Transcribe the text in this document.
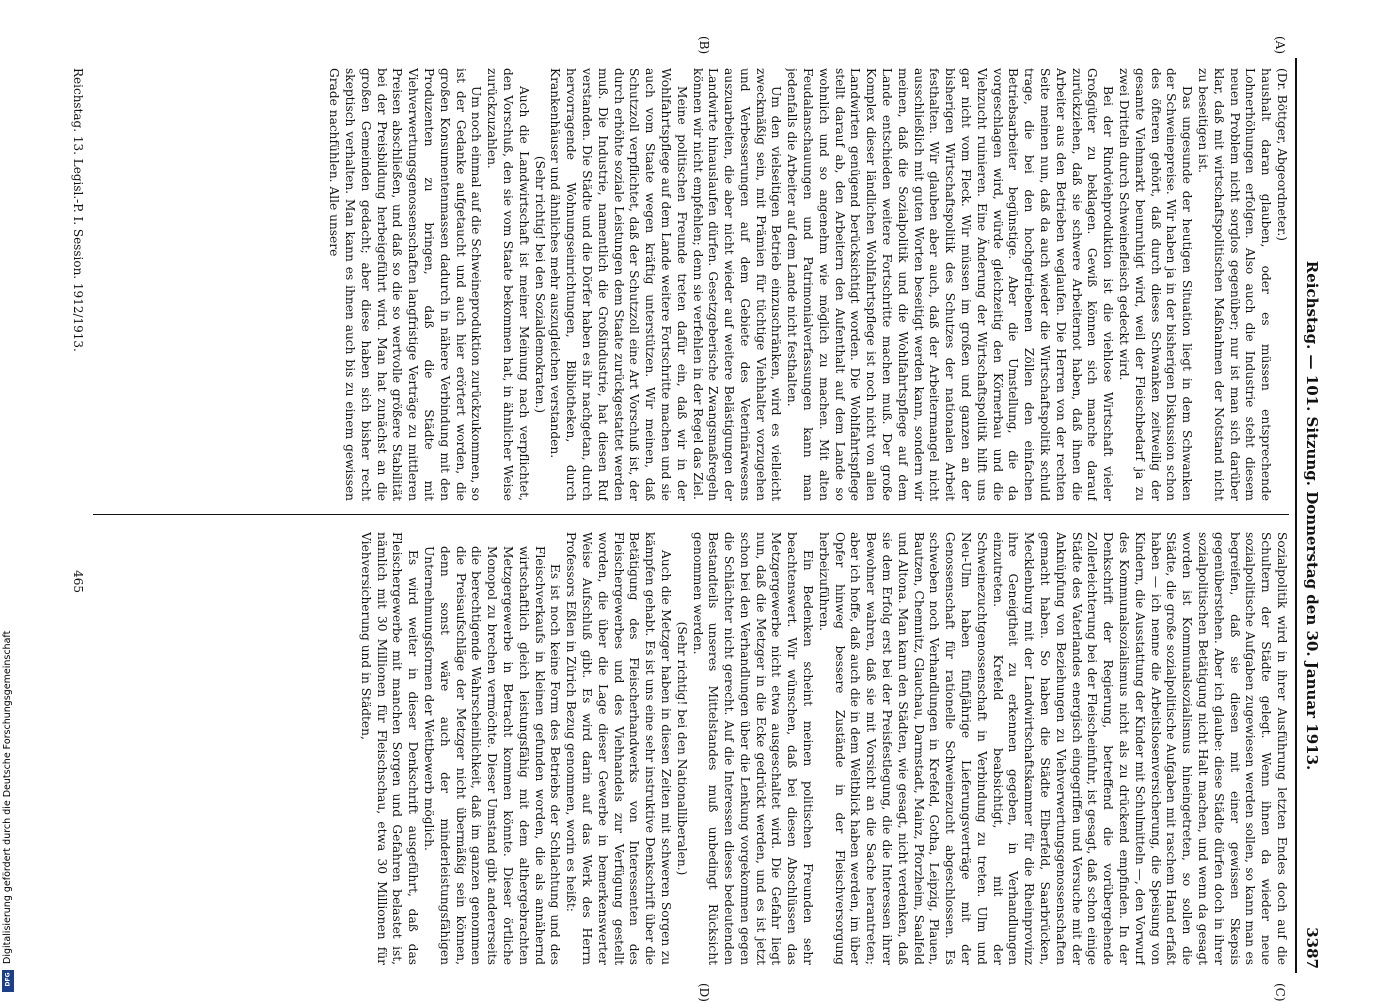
Reichstag. — 101. Sitzung. Donnerstag den 30. Januar 1913.
3387
(A)
(B)
(C)
(D)

(Dr. Böttger, Abgeordneter.)

haushalt daran glauben, oder es müssen entsprechende Lohnerhöhungen erfolgen. Also auch die Industrie steht diesem neuen Problem nicht sorglos gegenüber; nur ist man sich darüber klar, daß mit wirtschaftspolitischen Maßnahmen der Notstand nicht zu beseitigen ist.

Das ungesunde der heutigen Situation liegt in dem Schwanken der Schweinepreise. Wir haben ja in der bisherigen Diskussion schon des öfteren gehört, daß durch dieses Schwanken zeitweilig der gesamte Viehmarkt beunruhigt wird, weil der Fleischbedarf ja zu zwei Dritteln durch Schweinefleisch gedeckt wird.

Bei der Rindviehproduktion ist die viehlose Wirtschaft vieler Großgüter zu beklagen. Gewiß können sich manche darauf zurückziehen, daß sie schwere Arbeiternot haben, daß ihnen die Arbeiter aus den Betrieben weglaufen. Die Herren von der rechten Seite meinen nun, daß da auch wieder die Wirtschaftspolitik schuld trage, die bei den hochgetriebenen Zöllen den einfachen Betriebsarbeiter begünstige. Aber die Umstellung, die da vorgeschlagen wird, würde gleichzeitig den Körnerbau und die Viehzucht ruinieren. Eine Änderung der Wirtschaftspolitik hilft uns gar nicht vom Fleck. Wir müssen im großen und ganzen an der bisherigen Wirtschaftspolitik des Schutzes der nationalen Arbeit festhalten. Wir glauben aber auch, daß der Arbeitermangel nicht ausschließlich mit guten Worten beseitigt werden kann, sondern wir meinen, daß die Sozialpolitik und die Wohlfahrtspflege auf dem Lande entschieden weitere Fortschritte machen muß. Der große Komplex dieser ländlichen Wohlfahrtspflege ist noch nicht von allen Landwirten genügend berücksichtigt worden. Die Wohlfahrtspflege stellt darauf ab, den Arbeitern den Aufenthalt auf dem Lande so wohnlich und so angenehm wie möglich zu machen. Mit alten Feudalanschauungen und Patrimonialverfassungen kann man jedenfalls die Arbeiter auf dem Lande nicht festhalten.

Um den vielseitigen Betrieb einzuschränken, wird es vielleicht zweckmäßig sein, mit Prämien für tüchtige Viehhalter vorzugehen und Verbesserungen auf dem Gebiete des Veterinärwesens auszuarbeiten, die aber nicht wieder auf weitere Belästigungen der Landwirte hinauslaufen dürfen. Gesetzgeberische Zwangsmaßregeln können wir nicht empfehlen; denn sie verfehlen in der Regel das Ziel.

Meine politischen Freunde treten dafür ein, daß wir in der Wohlfahrtspflege auf dem Lande weitere Fortschritte machen und sie auch vom Staate wegen kräftig unterstützen. Wir meinen, daß Schutzzoll verpflichtet, daß der Schutzzoll eine Art Vorschuß ist, der durch erhöhte soziale Leistungen dem Staate zurückgestattet werden muß. Die Industrie, namentlich die Großindustrie, hat diesen Ruf verstanden. Die Städte und die Dörfer haben es ihr nachgetan, durch hervorragende Wohnungseinrichtungen, Bibliotheken, durch Krankenhäuser und ähnliches mehr auszugleichen verstanden.

(Sehr richtig! bei den Sozialdemokraten.)

Auch die Landwirtschaft ist meiner Meinung nach verpflichtet, den Vorschuß, den sie vom Staate bekommen hat, in ähnlicher Weise zurückzuzahlen.

Um noch einmal auf die Schweineproduktion zurückzukommen, so ist der Gedanke aufgetaucht und auch hier erörtert worden, die großen Konsumentenmassen dadurch in nähere Verbindung mit den Produzenten zu bringen, daß die Städte mit Viehverwertungsgenossenschaften langfristige Verträge zu mittleren Preisen abschließen, und daß so die so wertvolle größere Stabilität bei der Preisbildung herbeigeführt wird. Man hat zunächst an die großen Gemeinden gedacht; aber diese haben sich bisher recht skeptisch verhalten. Man kann es ihnen auch bis zu einem gewissen Grade nachfühlen. Alle unsere

Sozialpolitik wird in ihrer Ausführung letzten Endes doch auf die Schultern der Städte gelegt. Wenn ihnen da wieder neue sozialpolitische Aufgaben zugewiesen werden sollen, so kann man es begreifen, daß sie diesen mit einer gewissen Skepsis gegenüberstehen. Aber ich glaube: diese Städte dürfen doch in ihrer sozialpolitischen Betätigung nicht Halt machen, und wenn da gesagt worden ist Kommunalsozialismus hineingetreten, so sollen die Städte, die große sozialpolitische Aufgaben mit raschem Hand erfaßt haben — ich nenne die Arbeitslosenversicherung, die Speisung von Kindern, die Ausstattung der Kinder mit Schulmitteln —, den Vorwurf des Kommunalsozialismus nicht als zu drückend empfinden. In der Denkschrift der Regierung, betreffend die vorübergehende Zollerleichterung bei der Fleischeinfuhr, ist gesagt, daß schon einige Städte des Vaterlandes energisch eingegriffen und Versuche mit der Anknüpfung von Beziehungen zu Viehverwertungsgenossenschaften gemacht haben. So haben die Städte Elberfeld, Saarbrücken, Mecklenburg mit der Landwirtschaftskammer für die Rheinprovinz ihre Geneigtheit zu erkennen gegeben, in Verhandlungen einzutreten. Krefeld beabsichtigt, mit der Schweinezuchtgenossenschaft in Verbindung zu treten. Ulm und Neu-Ulm haben fünfjährige Lieferungsverträge mit der Genossenschaft für rationelle Schweinezucht abgeschlossen. Es schweben noch Verhandlungen in Krefeld, Gotha, Leipzig, Plauen, Bautzen, Chemnitz, Glauchau, Darmstadt, Mainz, Pforzheim, Saalfeld und Altona. Man kann den Städten, wie gesagt, nicht verdenken, daß sie dem Erfolg erst bei der Preisfestlegung, die die Interessen ihrer Bewohner wahren, daß sie mit Vorsicht an die Sache herantreten; aber ich hoffe, daß auch die in dem Weltblick haben werden, im über Opfer hinweg bessere Zustände in der Fleischversorgung herbeizuführen.

Ein Bedenken scheint meinen politischen Freunden sehr beachtenswert. Wir wünschen, daß bei diesen Abschlüssen das Metzgergewerbe nicht etwa ausgeschaltet wird. Die Gefahr liegt nun, daß die Metzger in die Ecke gedrückt werden, und es ist jetzt schon bei den Verhandlungen über die Lenkung vorgekommen gegen die Schlächter nicht gerecht. Auf die Interessen dieses bedeutenden Bestandteils unseres Mittelstandes muß unbedingt Rücksicht genommen werden.

(Sehr richtig! bei den Nationalliberalen.)

Auch die Metzger haben in diesen Zeiten mit schweren Sorgen zu kämpfen gehabt. Es ist uns eine sehr instruktive Denkschrift über die Betätigung des Fleischerhandwerks von Interessenten des Fleischergewerbes und des Viehhandels zur Verfügung gestellt worden, die über die Lage dieser Gewerbe in bemerkenswerter Weise Aufschluß gibt. Es wird darin auf das Werk des Herrn Professors Eßlen in Zürich Bezug genommen, worin es heißt:

Es ist noch keine Form des Betriebs der Schlachtung und des Fleischverkaufs in kleinen gefunden worden, die als annähernd wirtschaftlich gleich leistungsfähig mit dem althergebrachten Metzgergewerbe in Betracht kommen könnte. Dieser örtliche Monopol zu brechen vermöchte. Dieser Umstand gibt andererseits die berechtigende Wahrscheinlichkeit, daß im ganzen genommen die Preisaufschläge der Metzger nicht übermäßig sein können, denn sonst wäre auch der minderleistungsfähigen Unternehmungsformen der Wettbewerb möglich.

Es wird weiter in dieser Denkschrift ausgeführt, daß das Fleischergewerbe mit manchen Sorgen und Gefahren belastet ist, nämlich mit 30 Millionen für Fleischschau, etwa 30 Millionen für Viehversicherung und in Städten,

Reichstag. 13. Legisl.-P. I. Session. 1912/1913.
465
Digitalisierung gefördert durch die Deutsche Forschungsgemeinschaft
DFG
